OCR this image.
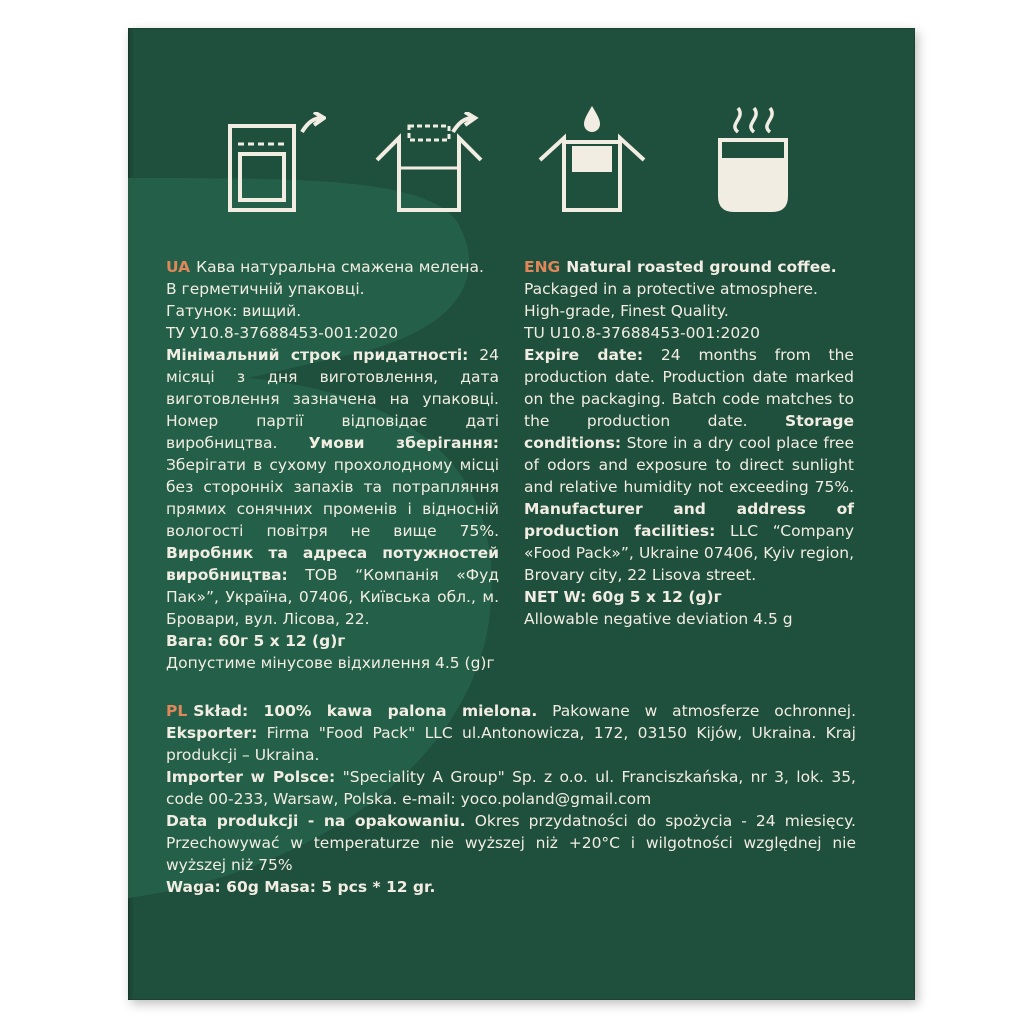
UA Кава натуральна смажена мелена.

В герметичній упаковці.

Гатунок: вищий.

ТУ У10.8-37688453-001:2020

Мінімальний строк придатності: 24 місяці з дня виготовлення, дата виготовлення зазначена на упаковці. Номер партії відповідає даті виробництва. Умови зберігання: Зберігати в сухому прохолодному місці без сторонніх запахів та потрапляння прямих сонячних променів і відносній вологості повітря не вище 75%. Виробник та адреса потужностей виробництва: ТОВ “Компанія «Фуд Пак»”, Україна, 07406, Київська обл., м. Бровари, вул. Лісова, 22.

Вага: 60г 5 x 12 (g)г

Допустиме мінусове відхилення 4.5 (g)г

ENG Natural roasted ground coffee.

Packaged in a protective atmosphere.

High-grade, Finest Quality.

TU U10.8-37688453-001:2020

Expire date: 24 months from the production date. Production date marked on the packaging. Batch code matches to the production date. Storage conditions: Store in a dry cool place free of odors and exposure to direct sunlight and relative humidity not exceeding 75%. Manufacturer and address of production facilities: LLC “Company «Food Pack»”, Ukraine 07406, Kyiv region, Brovary city, 22 Lisova street.

NET W: 60g 5 x 12 (g)г

Allowable negative deviation 4.5 g

PL Skład: 100% kawa palona mielona. Pakowane w atmosferze ochronnej. Eksporter: Firma "Food Pack" LLC ul.Antonowicza, 172, 03150 Kijów, Ukraina. Kraj produkcji – Ukraina.

Importer w Polsce: "Speciality A Group" Sp. z o.o. ul. Franciszkańska, nr 3, lok. 35, code 00-233, Warsaw, Polska. e-mail: yoco.poland@gmail.com

Data produkcji - na opakowaniu. Okres przydatności do spożycia - 24 miesięcy. Przechowywać w temperaturze nie wyższej niż +20°C i wilgotności względnej nie wyższej niż 75%

Waga: 60g Masa: 5 pcs * 12 gr.
